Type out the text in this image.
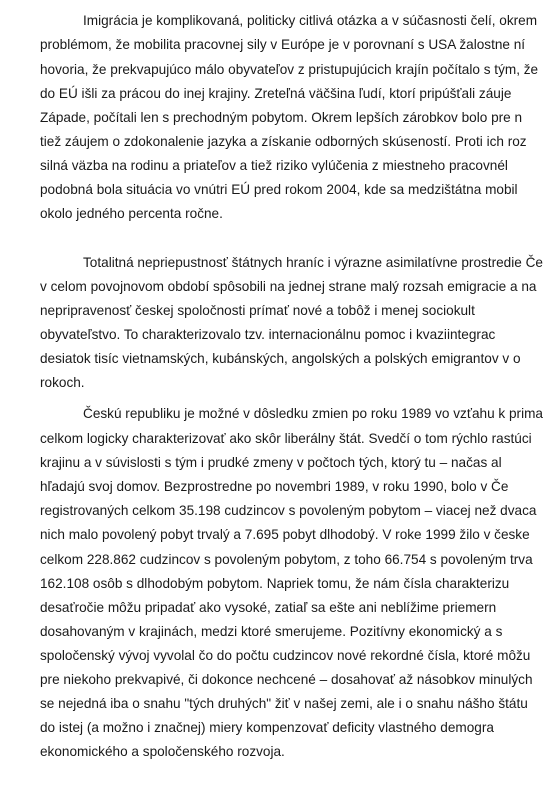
Imigrácia je komplikovaná, politicky citlivá otázka a v súčasnosti čelí, okrem
problémom, že mobilita pracovnej sily v Európe je v porovnaní s USA žalostne ní
hovoria, že prekvapujúco málo obyvateľov z pristupujúcich krajín počítalo s tým, že
do EÚ išli za prácou do inej krajiny. Zreteľná väčšina ľudí, ktorí pripúšťali záuje
Západe, počítali len s prechodným pobytom. Okrem lepších zárobkov bolo pre n
tiež záujem o zdokonalenie jazyka a získanie odborných skúseností. Proti ich roz
silná väzba na rodinu a priateľov a tiež riziko vylúčenia z miestneho pracovnél
podobná bola situácia vo vnútri EÚ pred rokom 2004, kde sa medzištátna mobil
okolo jedného percenta ročne.
Totalitná nepriepustnosť štátnych hraníc i výrazne asimilatívne prostredie Če
v celom povojnovom období spôsobili na jednej strane malý rozsah emigracie a na
nepripravenosť českej spoločnosti prímať nové a tobôž i menej sociokult
obyvateľstvo. To charakterizovalo tzv. internacionálnu pomoc i kvaziintegrac
desiatok tisíc vietnamských, kubánských, angolských a polských emigrantov v o
rokoch.
Českú republiku je možné v dôsledku zmien po roku 1989 vo vzťahu k prima
celkom logicky charakterizovať ako skôr liberálny štát. Svedčí o tom rýchlo rastúci
krajinu a v súvislosti s tým i prudké zmeny v počtoch tých, ktorý tu – načas al
hľadajú svoj domov. Bezprostredne po novembri 1989, v roku 1990, bolo v Če
registrovaných celkom 35.198 cudzincov s povoleným pobytom – viacej než dvaca
nich malo povolený pobyt trvalý a 7.695 pobyt dlhodobý. V roke 1999 žilo v česke
celkom 228.862 cudzincov s povoleným pobytom, z toho 66.754 s povoleným trva
162.108 osôb s dlhodobým pobytom. Napriek tomu, že nám čísla charakterizu
desaťročie môžu pripadať ako vysoké, zatiaľ sa ešte ani neblížime priemern
dosahovaným v krajinách, medzi ktoré smerujeme. Pozitívny ekonomický a s
spoločenský vývoj vyvolal čo do počtu cudzincov nové rekordné čísla, ktoré môžu
pre niekoho prekvapivé, či dokonce nechcené – dosahovať až násobkov minulých
se nejedná iba o snahu "tých druhých" žiť v našej zemi, ale i o snahu nášho štátu
do istej (a možno i značnej) miery kompenzovať deficity vlastného demogra
ekonomického a spoločenského rozvoja.
